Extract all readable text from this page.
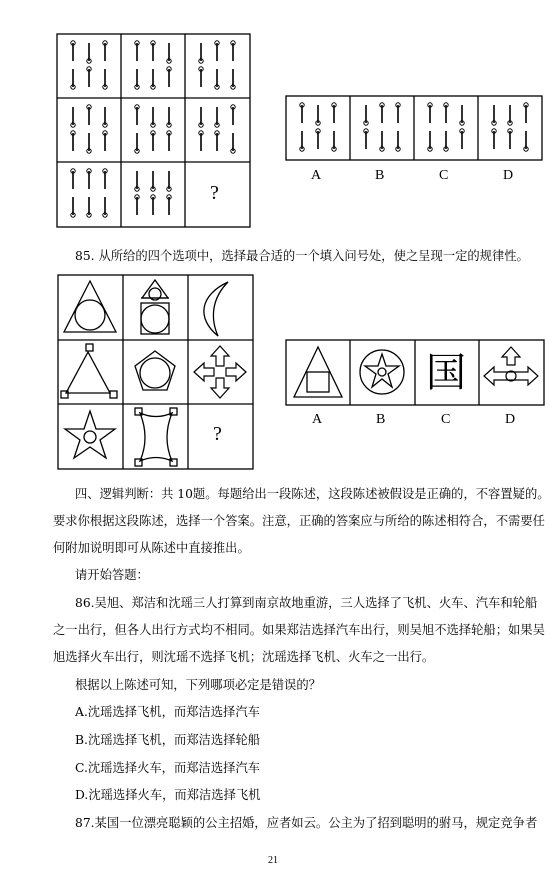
?
A	B	C	D
85. 从所给的四个选项中，选择最合适的一个填入问号处，使之呈现一定的规律性。
国
?
A	B	C	D
四、逻辑判断：共 10题。每题给出一段陈述，这段陈述被假设是正确的，不容置疑的。
要求你根据这段陈述，选择一个答案。注意，正确的答案应与所给的陈述相符合，不需要任
何附加说明即可从陈述中直接推出。
请开始答题：
86.吴旭、郑洁和沈瑶三人打算到南京故地重游，三人选择了飞机、火车、汽车和轮船
之一出行，但各人出行方式均不相同。如果郑洁选择汽车出行，则吴旭不选择轮船；如果吴
旭选择火车出行，则沈瑶不选择飞机；沈瑶选择飞机、火车之一出行。
根据以上陈述可知，下列哪项必定是错误的？
A.沈瑶选择飞机，而郑洁选择汽车
B.沈瑶选择飞机，而郑洁选择轮船
C.沈瑶选择火车，而郑洁选择汽车
D.沈瑶选择火车，而郑洁选择飞机
87.某国一位漂亮聪颖的公主招婚，应者如云。公主为了招到聪明的驸马，规定竞争者
21
